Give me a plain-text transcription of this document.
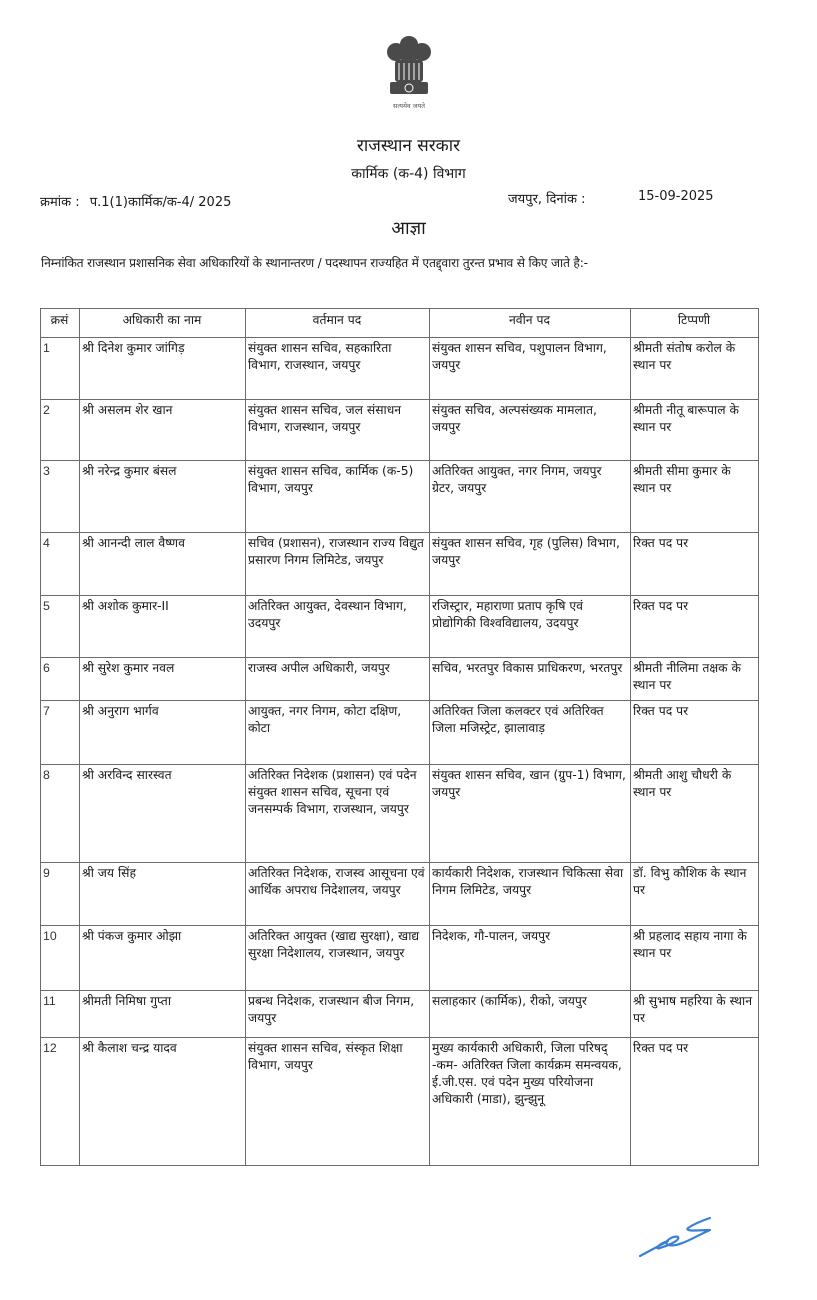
सत्यमेव जयते
राजस्थान सरकार
कार्मिक (क-4) विभाग
क्रमांक : प.1(1)कार्मिक/क-4/ 2025	जयपुर, दिनांक :	15-09-2025
आज्ञा
निम्नांकित राजस्थान प्रशासनिक सेवा अधिकारियों के स्थानान्तरण / पदस्थापन राज्यहित में एतद्द्वारा तुरन्त प्रभाव से किए जाते है:-
क्रसं	अधिकारी का नाम	वर्तमान पद	नवीन पद	टिप्पणी
1	श्री दिनेश कुमार जांगिड़	संयुक्त शासन सचिव, सहकारिता विभाग, राजस्थान, जयपुर	संयुक्त शासन सचिव, पशुपालन विभाग, जयपुर	श्रीमती संतोष करोल के स्थान पर
2	श्री असलम शेर खान	संयुक्त शासन सचिव, जल संसाधन विभाग, राजस्थान, जयपुर	संयुक्त सचिव, अल्पसंख्यक मामलात, जयपुर	श्रीमती नीतू बारूपाल के स्थान पर
3	श्री नरेन्द्र कुमार बंसल	संयुक्त शासन सचिव, कार्मिक (क-5) विभाग, जयपुर	अतिरिक्त आयुक्त, नगर निगम, जयपुर ग्रेटर, जयपुर	श्रीमती सीमा कुमार के स्थान पर
4	श्री आनन्दी लाल वैष्णव	सचिव (प्रशासन), राजस्थान राज्य विद्युत प्रसारण निगम लिमिटेड, जयपुर	संयुक्त शासन सचिव, गृह (पुलिस) विभाग, जयपुर	रिक्त पद पर
5	श्री अशोक कुमार-II	अतिरिक्त आयुक्त, देवस्थान विभाग, उदयपुर	रजिस्ट्रार, महाराणा प्रताप कृषि एवं प्रोद्योगिकी विश्वविद्यालय, उदयपुर	रिक्त पद पर
6	श्री सुरेश कुमार नवल	राजस्व अपील अधिकारी, जयपुर	सचिव, भरतपुर विकास प्राधिकरण, भरतपुर	श्रीमती नीलिमा तक्षक के स्थान पर
7	श्री अनुराग भार्गव	आयुक्त, नगर निगम, कोटा दक्षिण, कोटा	अतिरिक्त जिला कलक्टर एवं अतिरिक्त जिला मजिस्ट्रेट, झालावाड़	रिक्त पद पर
8	श्री अरविन्द सारस्वत	अतिरिक्त निदेशक (प्रशासन) एवं पदेन संयुक्त शासन सचिव, सूचना एवं जनसम्पर्क विभाग, राजस्थान, जयपुर	संयुक्त शासन सचिव, खान (ग्रुप-1) विभाग, जयपुर	श्रीमती आशु चौधरी के स्थान पर
9	श्री जय सिंह	अतिरिक्त निदेशक, राजस्व आसूचना एवं आर्थिक अपराध निदेशालय, जयपुर	कार्यकारी निदेशक, राजस्थान चिकित्सा सेवा निगम लिमिटेड, जयपुर	डॉ. विभु कौशिक के स्थान पर
10	श्री पंकज कुमार ओझा	अतिरिक्त आयुक्त (खाद्य सुरक्षा), खाद्य सुरक्षा निदेशालय, राजस्थान, जयपुर	निदेशक, गौ-पालन, जयपुर	श्री प्रहलाद सहाय नागा के स्थान पर
11	श्रीमती निमिषा गुप्ता	प्रबन्ध निदेशक, राजस्थान बीज निगम, जयपुर	सलाहकार (कार्मिक), रीको, जयपुर	श्री सुभाष महरिया के स्थान पर
12	श्री कैलाश चन्द्र यादव	संयुक्त शासन सचिव, संस्कृत शिक्षा विभाग, जयपुर	मुख्य कार्यकारी अधिकारी, जिला परिषद् -कम- अतिरिक्त जिला कार्यक्रम समन्वयक, ई.जी.एस. एवं पदेन मुख्य परियोजना अधिकारी (माडा), झुन्झुनू	रिक्त पद पर
